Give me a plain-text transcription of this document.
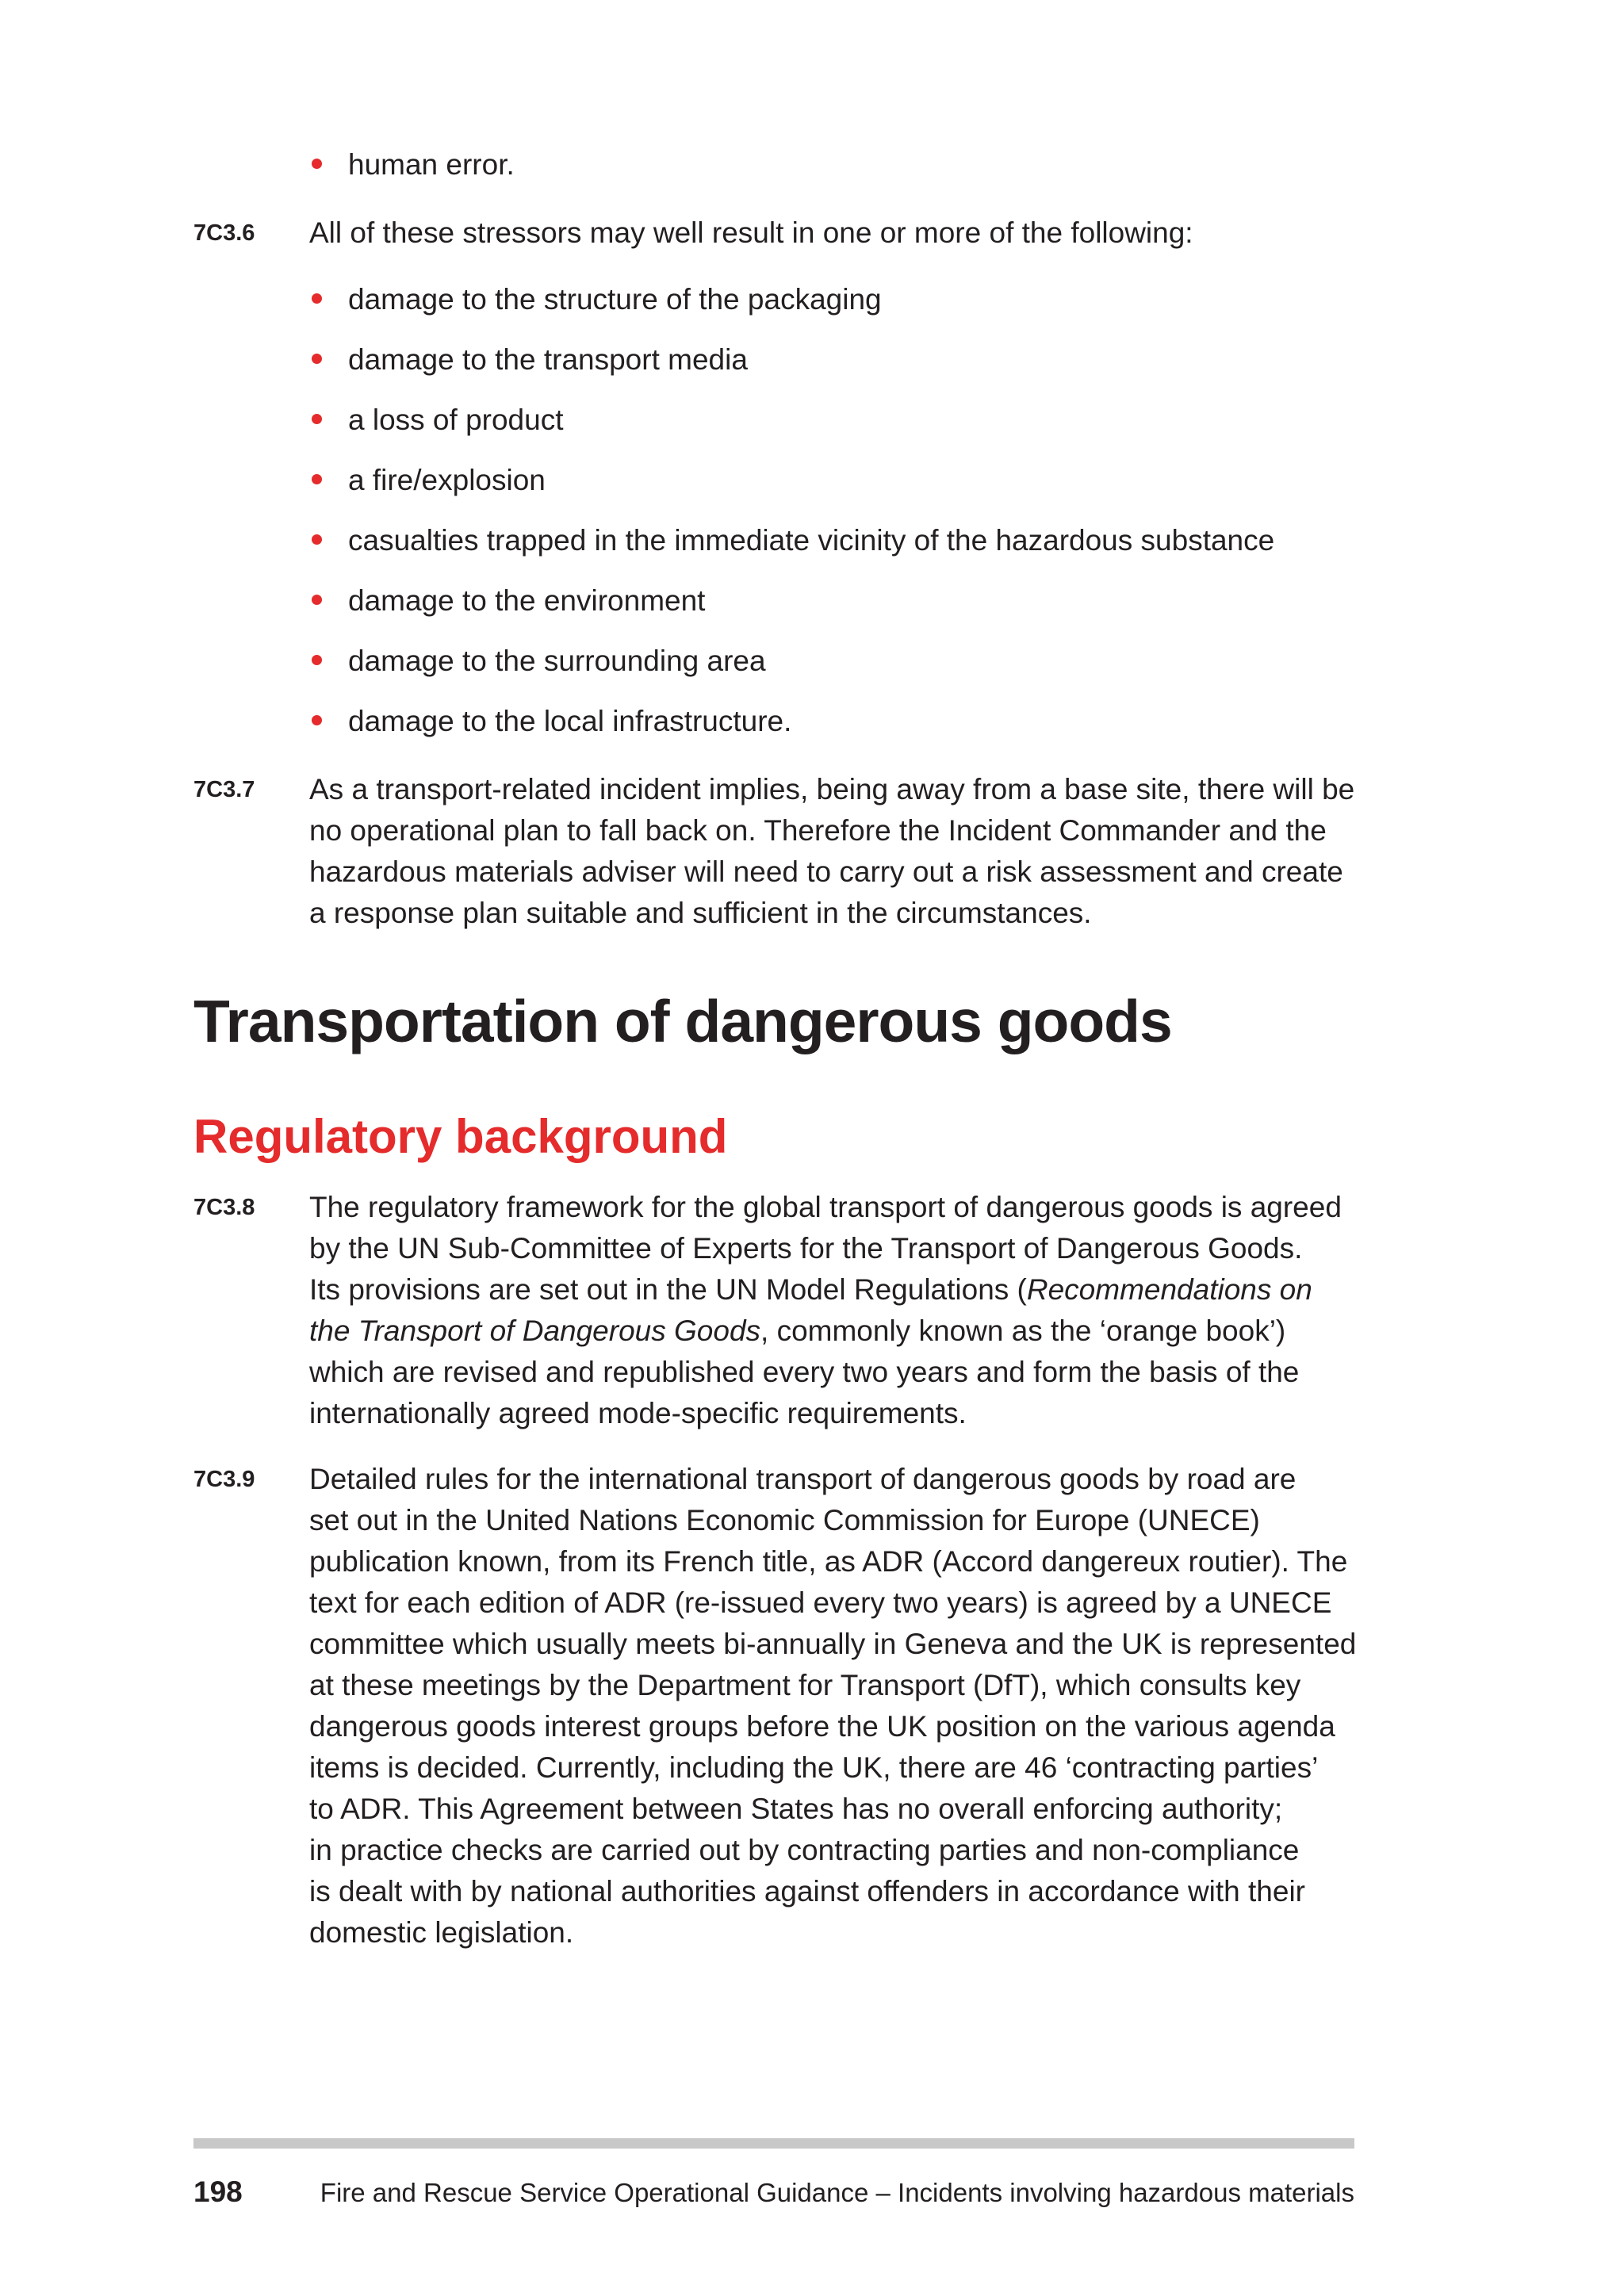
human error.
7C3.6 All of these stressors may well result in one or more of the following:
damage to the structure of the packaging
damage to the transport media
a loss of product
a fire/explosion
casualties trapped in the immediate vicinity of the hazardous substance
damage to the environment
damage to the surrounding area
damage to the local infrastructure.
7C3.7 As a transport-related incident implies, being away from a base site, there will be
no operational plan to fall back on. Therefore the Incident Commander and the
hazardous materials adviser will need to carry out a risk assessment and create
a response plan suitable and sufficient in the circumstances.
Transportation of dangerous goods
Regulatory background
7C3.8 The regulatory framework for the global transport of dangerous goods is agreed
by the UN Sub-Committee of Experts for the Transport of Dangerous Goods.
Its provisions are set out in the UN Model Regulations (Recommendations on
the Transport of Dangerous Goods, commonly known as the ‘orange book’)
which are revised and republished every two years and form the basis of the
internationally agreed mode-specific requirements.
7C3.9 Detailed rules for the international transport of dangerous goods by road are
set out in the United Nations Economic Commission for Europe (UNECE)
publication known, from its French title, as ADR (Accord dangereux routier). The
text for each edition of ADR (re-issued every two years) is agreed by a UNECE
committee which usually meets bi-annually in Geneva and the UK is represented
at these meetings by the Department for Transport (DfT), which consults key
dangerous goods interest groups before the UK position on the various agenda
items is decided. Currently, including the UK, there are 46 ‘contracting parties’
to ADR. This Agreement between States has no overall enforcing authority;
in practice checks are carried out by contracting parties and non-compliance
is dealt with by national authorities against offenders in accordance with their
domestic legislation.
198	Fire and Rescue Service Operational Guidance – Incidents involving hazardous materials
